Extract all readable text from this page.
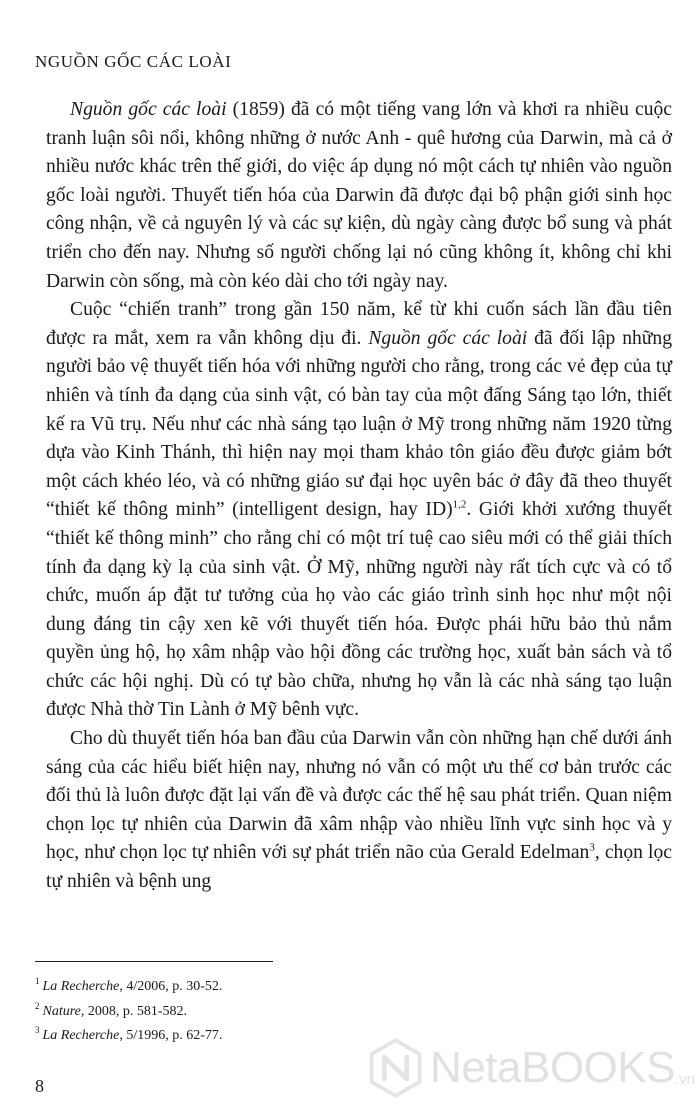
NGUỒN GỐC CÁC LOÀI

Nguồn gốc các loài (1859) đã có một tiếng vang lớn và khơi ra nhiều cuộc tranh luận sôi nổi, không những ở nước Anh - quê hương của Darwin, mà cả ở nhiều nước khác trên thế giới, do việc áp dụng nó một cách tự nhiên vào nguồn gốc loài người. Thuyết tiến hóa của Darwin đã được đại bộ phận giới sinh học công nhận, về cả nguyên lý và các sự kiện, dù ngày càng được bổ sung và phát triển cho đến nay. Nhưng số người chống lại nó cũng không ít, không chỉ khi Darwin còn sống, mà còn kéo dài cho tới ngày nay.

Cuộc “chiến tranh” trong gần 150 năm, kể từ khi cuốn sách lần đầu tiên được ra mắt, xem ra vẫn không dịu đi. Nguồn gốc các loài đã đối lập những người bảo vệ thuyết tiến hóa với những người cho rằng, trong các vẻ đẹp của tự nhiên và tính đa dạng của sinh vật, có bàn tay của một đấng Sáng tạo lớn, thiết kế ra Vũ trụ. Nếu như các nhà sáng tạo luận ở Mỹ trong những năm 1920 từng dựa vào Kinh Thánh, thì hiện nay mọi tham khảo tôn giáo đều được giảm bớt một cách khéo léo, và có những giáo sư đại học uyên bác ở đây đã theo thuyết “thiết kế thông minh” (intelligent design, hay ID)$^{1,2}$. Giới khởi xướng thuyết “thiết kế thông minh” cho rằng chỉ có một trí tuệ cao siêu mới có thể giải thích tính đa dạng kỳ lạ của sinh vật. Ở Mỹ, những người này rất tích cực và có tổ chức, muốn áp đặt tư tưởng của họ vào các giáo trình sinh học như một nội dung đáng tin cậy xen kẽ với thuyết tiến hóa. Được phái hữu bảo thủ nắm quyền ủng hộ, họ xâm nhập vào hội đồng các trường học, xuất bản sách và tổ chức các hội nghị. Dù có tự bào chữa, nhưng họ vẫn là các nhà sáng tạo luận được Nhà thờ Tin Lành ở Mỹ bênh vực.

Cho dù thuyết tiến hóa ban đầu của Darwin vẫn còn những hạn chế dưới ánh sáng của các hiểu biết hiện nay, nhưng nó vẫn có một ưu thế cơ bản trước các đối thủ là luôn được đặt lại vấn đề và được các thế hệ sau phát triển. Quan niệm chọn lọc tự nhiên của Darwin đã xâm nhập vào nhiều lĩnh vực sinh học và y học, như chọn lọc tự nhiên với sự phát triển não của Gerald Edelman$^3$, chọn lọc tự nhiên và bệnh ung

$^1$ La Recherche, 4/2006, p. 30-52.

$^2$ Nature, 2008, p. 581-582.

$^3$ La Recherche, 5/1996, p. 62-77.

8	NetaBOOKS .vn
